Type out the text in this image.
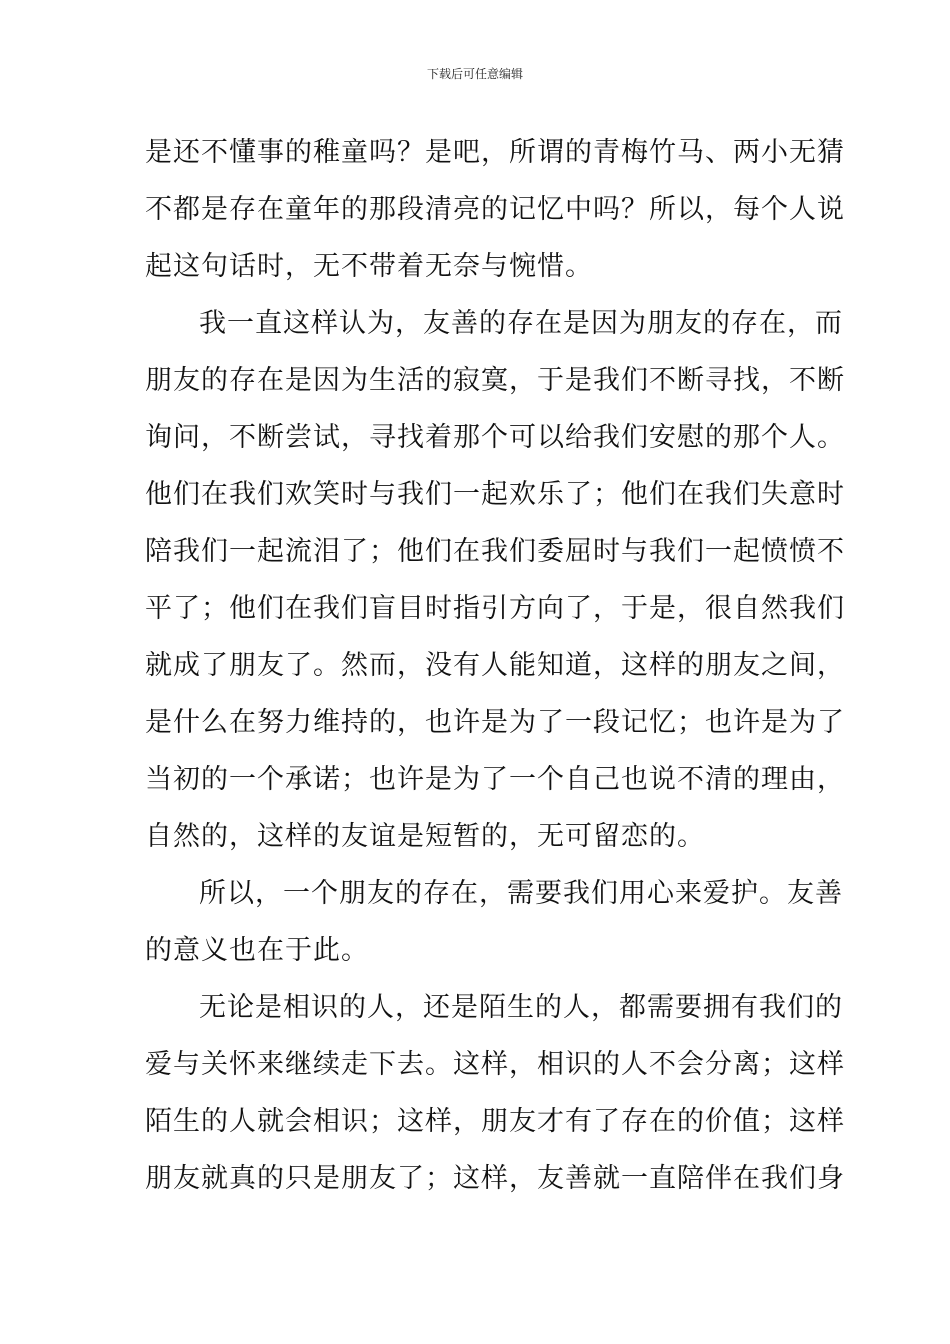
下载后可任意编辑
是还不懂事的稚童吗？是吧，所谓的青梅竹马、两小无猜
不都是存在童年的那段清亮的记忆中吗？所以，每个人说
起这句话时，无不带着无奈与惋惜。
我一直这样认为，友善的存在是因为朋友的存在，而
朋友的存在是因为生活的寂寞，于是我们不断寻找，不断
询问，不断尝试，寻找着那个可以给我们安慰的那个人。
他们在我们欢笑时与我们一起欢乐了；他们在我们失意时
陪我们一起流泪了；他们在我们委屈时与我们一起愤愤不
平了；他们在我们盲目时指引方向了，于是，很自然我们
就成了朋友了。然而，没有人能知道，这样的朋友之间，
是什么在努力维持的，也许是为了一段记忆；也许是为了
当初的一个承诺；也许是为了一个自己也说不清的理由，
自然的，这样的友谊是短暂的，无可留恋的。
所以，一个朋友的存在，需要我们用心来爱护。友善
的意义也在于此。
无论是相识的人，还是陌生的人，都需要拥有我们的
爱与关怀来继续走下去。这样，相识的人不会分离；这样
陌生的人就会相识；这样，朋友才有了存在的价值；这样
朋友就真的只是朋友了；这样，友善就一直陪伴在我们身
